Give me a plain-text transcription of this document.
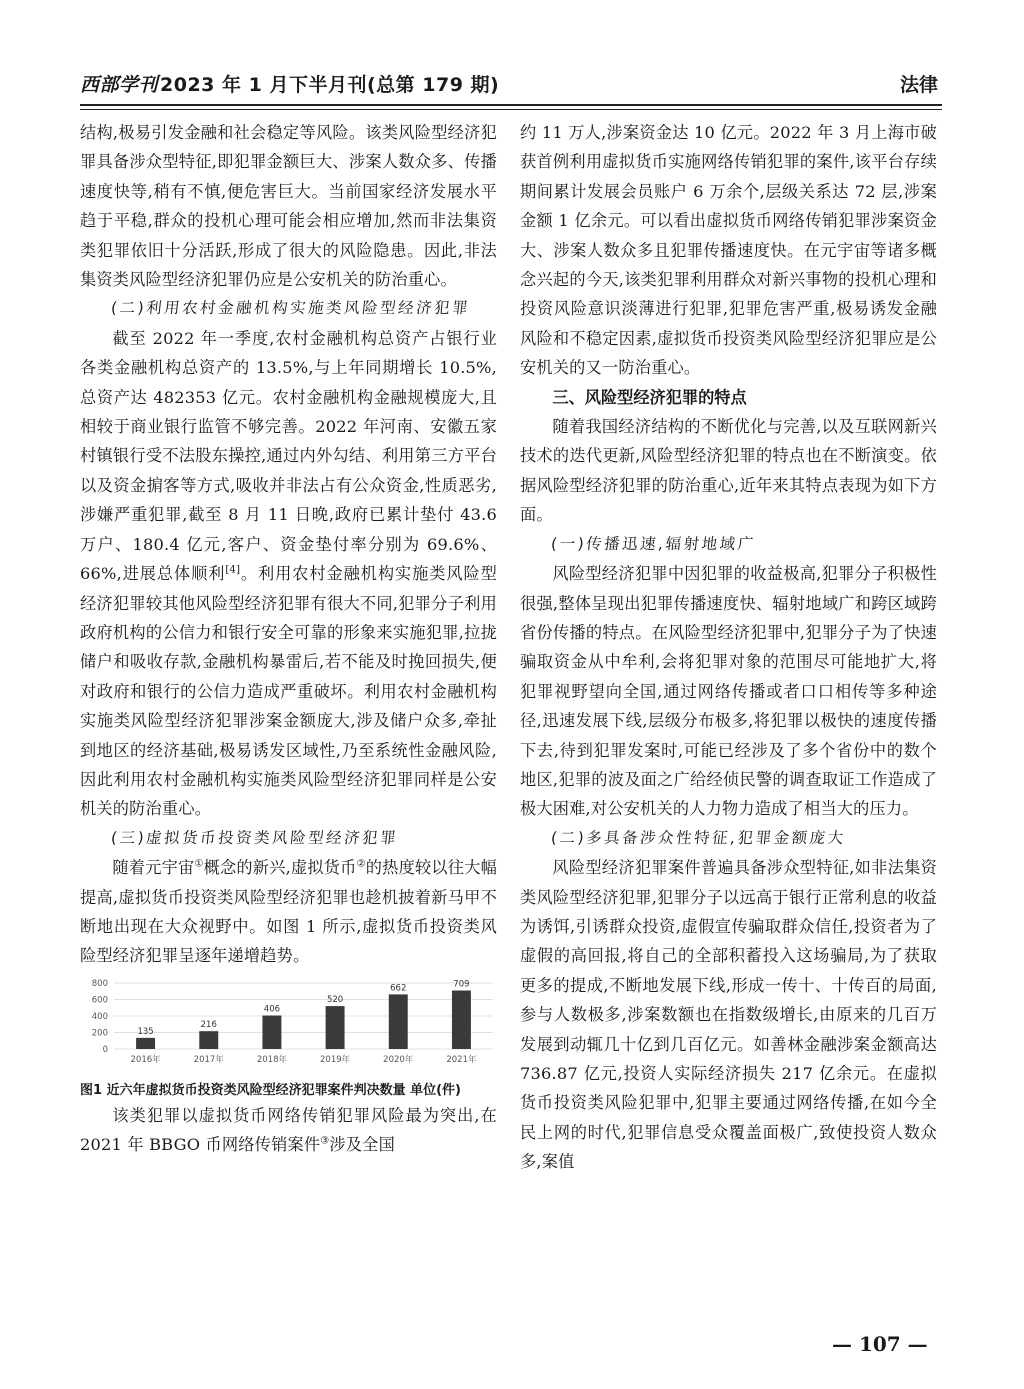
西部学刊 2023 年 1 月下半月刊(总第 179 期)	法律

结构,极易引发金融和社会稳定等风险。该类风险型经济犯罪具备涉众型特征,即犯罪金额巨大、涉案人数众多、传播速度快等,稍有不慎,便危害巨大。当前国家经济发展水平趋于平稳,群众的投机心理可能会相应增加,然而非法集资类犯罪依旧十分活跃,形成了很大的风险隐患。因此,非法集资类风险型经济犯罪仍应是公安机关的防治重心。

(二)利用农村金融机构实施类风险型经济犯罪

截至 2022 年一季度,农村金融机构总资产占银行业各类金融机构总资产的 13.5%,与上年同期增长 10.5%,总资产达 482353 亿元。农村金融机构金融规模庞大,且相较于商业银行监管不够完善。2022 年河南、安徽五家村镇银行受不法股东操控,通过内外勾结、利用第三方平台以及资金掮客等方式,吸收并非法占有公众资金,性质恶劣,涉嫌严重犯罪,截至 8 月 11 日晚,政府已累计垫付 43.6 万户、180.4 亿元,客户、资金垫付率分别为 69.6%、66%,进展总体顺利[4]。利用农村金融机构实施类风险型经济犯罪较其他风险型经济犯罪有很大不同,犯罪分子利用政府机构的公信力和银行安全可靠的形象来实施犯罪,拉拢储户和吸收存款,金融机构暴雷后,若不能及时挽回损失,便对政府和银行的公信力造成严重破坏。利用农村金融机构实施类风险型经济犯罪涉案金额庞大,涉及储户众多,牵扯到地区的经济基础,极易诱发区域性,乃至系统性金融风险,因此利用农村金融机构实施类风险型经济犯罪同样是公安机关的防治重心。

(三)虚拟货币投资类风险型经济犯罪

随着元宇宙①概念的新兴,虚拟货币②的热度较以往大幅提高,虚拟货币投资类风险型经济犯罪也趁机披着新马甲不断地出现在大众视野中。如图 1 所示,虚拟货币投资类风险型经济犯罪呈逐年递增趋势。

0
200
400
600
800
135
2016年
216
2017年
406
2018年
520
2019年
662
2020年
709
2021年

图1 近六年虚拟货币投资类风险型经济犯罪案件判决数量 单位(件)

该类犯罪以虚拟货币网络传销犯罪风险最为突出,在 2021 年 BBGO 币网络传销案件③涉及全国

约 11 万人,涉案资金达 10 亿元。2022 年 3 月上海市破获首例利用虚拟货币实施网络传销犯罪的案件,该平台存续期间累计发展会员账户 6 万余个,层级关系达 72 层,涉案金额 1 亿余元。可以看出虚拟货币网络传销犯罪涉案资金大、涉案人数众多且犯罪传播速度快。在元宇宙等诸多概念兴起的今天,该类犯罪利用群众对新兴事物的投机心理和投资风险意识淡薄进行犯罪,犯罪危害严重,极易诱发金融风险和不稳定因素,虚拟货币投资类风险型经济犯罪应是公安机关的又一防治重心。

三、风险型经济犯罪的特点

随着我国经济结构的不断优化与完善,以及互联网新兴技术的迭代更新,风险型经济犯罪的特点也在不断演变。依据风险型经济犯罪的防治重心,近年来其特点表现为如下方面。

(一)传播迅速,辐射地域广

风险型经济犯罪中因犯罪的收益极高,犯罪分子积极性很强,整体呈现出犯罪传播速度快、辐射地域广和跨区域跨省份传播的特点。在风险型经济犯罪中,犯罪分子为了快速骗取资金从中牟利,会将犯罪对象的范围尽可能地扩大,将犯罪视野望向全国,通过网络传播或者口口相传等多种途径,迅速发展下线,层级分布极多,将犯罪以极快的速度传播下去,待到犯罪发案时,可能已经涉及了多个省份中的数个地区,犯罪的波及面之广给经侦民警的调查取证工作造成了极大困难,对公安机关的人力物力造成了相当大的压力。

(二)多具备涉众性特征,犯罪金额庞大

风险型经济犯罪案件普遍具备涉众型特征,如非法集资类风险型经济犯罪,犯罪分子以远高于银行正常利息的收益为诱饵,引诱群众投资,虚假宣传骗取群众信任,投资者为了虚假的高回报,将自己的全部积蓄投入这场骗局,为了获取更多的提成,不断地发展下线,形成一传十、十传百的局面,参与人数极多,涉案数额也在指数级增长,由原来的几百万发展到动辄几十亿到几百亿元。如善林金融涉案金额高达 736.87 亿元,投资人实际经济损失 217 亿余元。在虚拟货币投资类风险犯罪中,犯罪主要通过网络传播,在如今全民上网的时代,犯罪信息受众覆盖面极广,致使投资人数众多,案值

— 107 —
